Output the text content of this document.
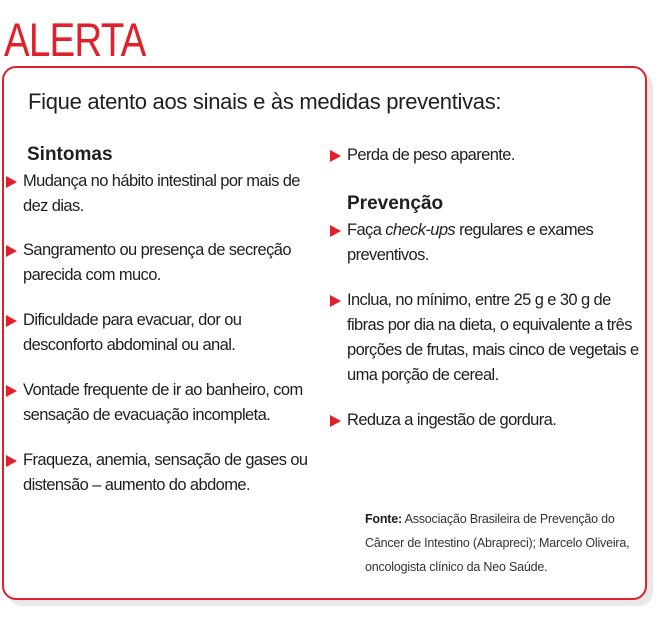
ALERTA

Fique atento aos sinais e às medidas preventivas:

Sintomas

Mudança no hábito intestinal por mais de dez dias.

Sangramento ou presença de secreção parecida com muco.

Dificuldade para evacuar, dor ou desconforto abdominal ou anal.

Vontade frequente de ir ao banheiro, com sensação de evacuação incompleta.

Fraqueza, anemia, sensação de gases ou distensão – aumento do abdome.

Perda de peso aparente.

Prevenção

Faça check-ups regulares e exames preventivos.

Inclua, no mínimo, entre 25 g e 30 g de fibras por dia na dieta, o equivalente a três porções de frutas, mais cinco de vegetais e uma porção de cereal.

Reduza a ingestão de gordura.

Fonte: Associação Brasileira de Prevenção do Câncer de Intestino (Abrapreci); Marcelo Oliveira, oncologista clínico da Neo Saúde.
